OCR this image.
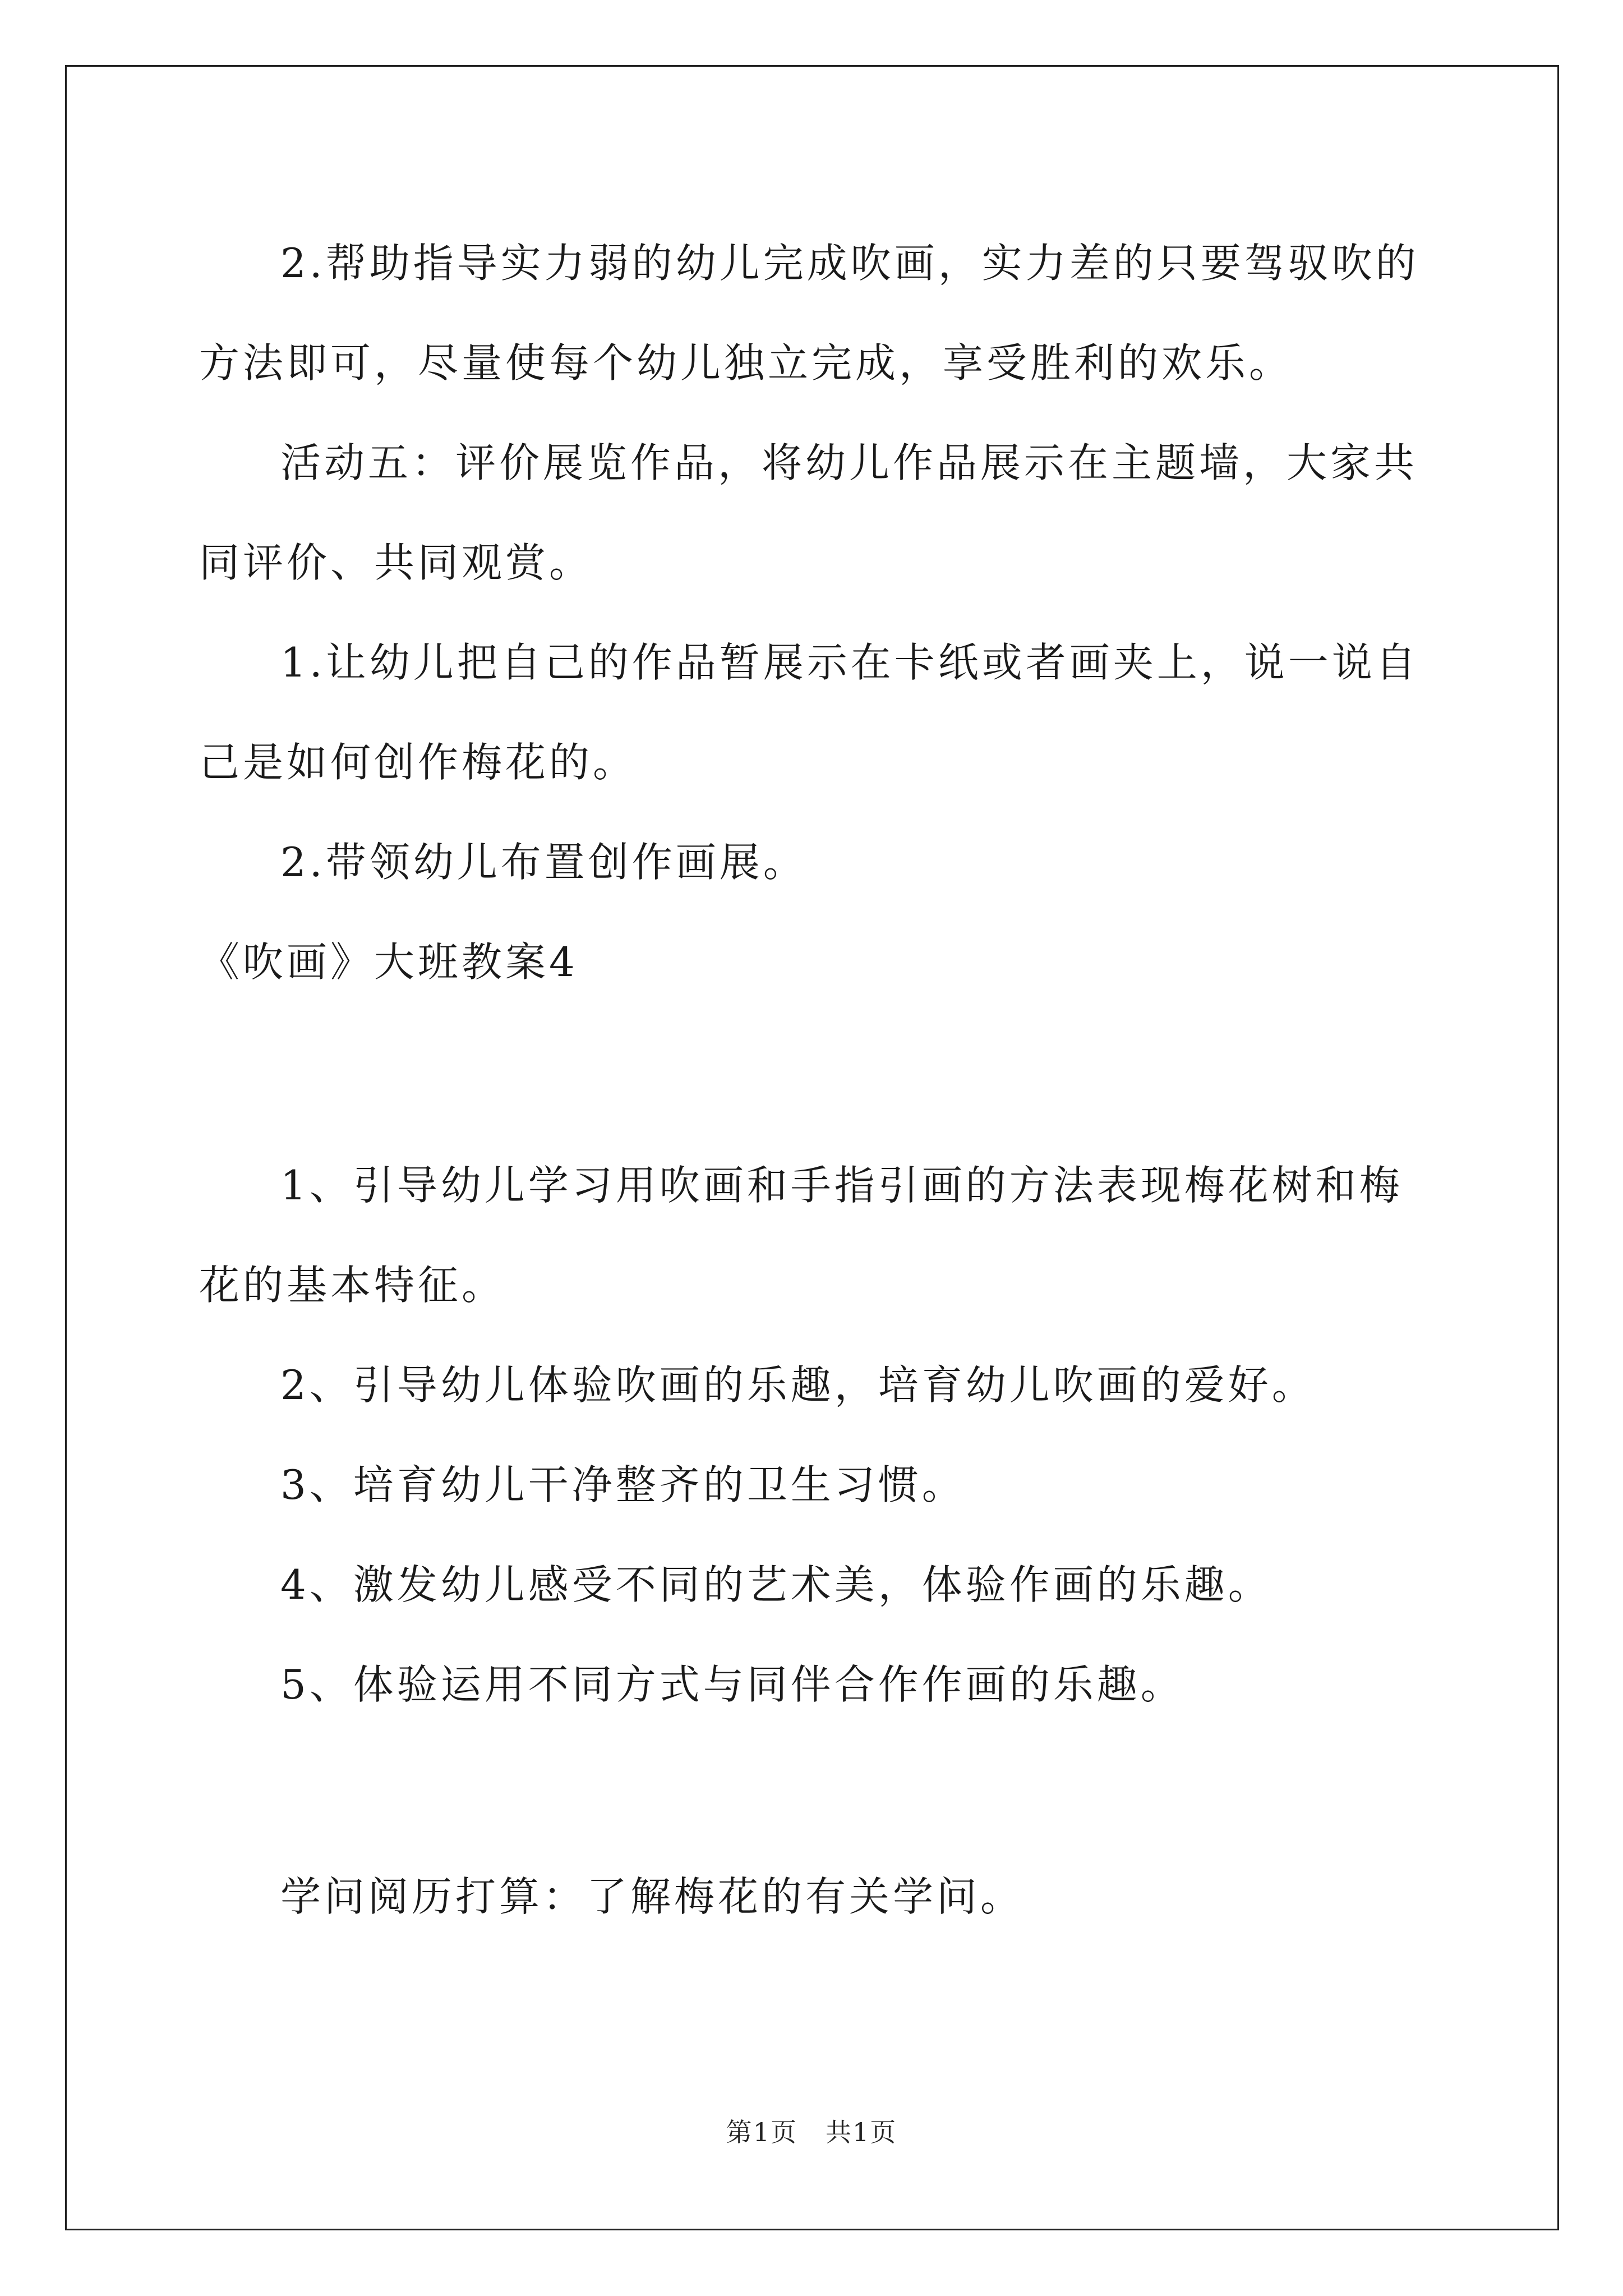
2.帮助指导实力弱的幼儿完成吹画，实力差的只要驾驭吹的方法即可，尽量使每个幼儿独立完成，享受胜利的欢乐。

活动五：评价展览作品，将幼儿作品展示在主题墙，大家共同评价、共同观赏。

1.让幼儿把自己的作品暂展示在卡纸或者画夹上，说一说自己是如何创作梅花的。

2.带领幼儿布置创作画展。

《吹画》大班教案4

1、引导幼儿学习用吹画和手指引画的方法表现梅花树和梅花的基本特征。

2、引导幼儿体验吹画的乐趣，培育幼儿吹画的爱好。

3、培育幼儿干净整齐的卫生习惯。

4、激发幼儿感受不同的艺术美，体验作画的乐趣。

5、体验运用不同方式与同伴合作作画的乐趣。

学问阅历打算：了解梅花的有关学问。

第1页 共1页
